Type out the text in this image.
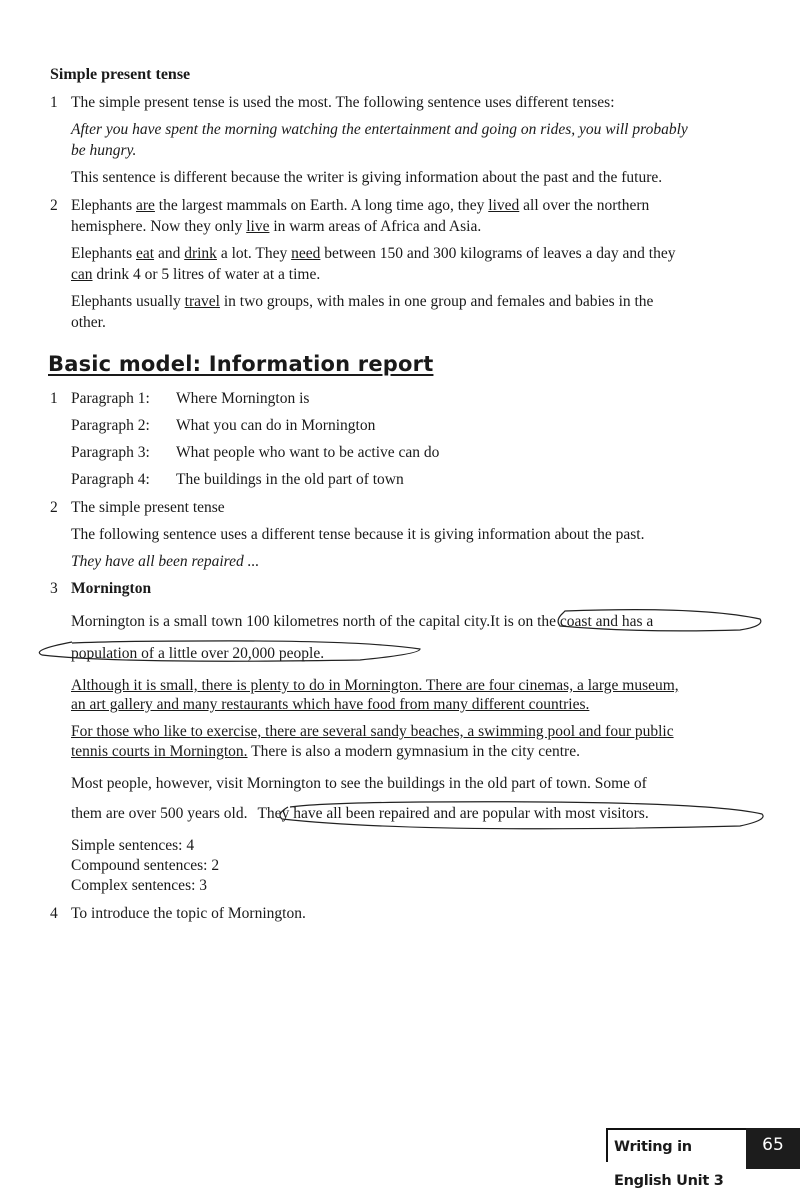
Simple present tense
1 The simple present tense is used the most. The following sentence uses different tenses:
After you have spent the morning watching the entertainment and going on rides, you will probably
be hungry.
This sentence is different because the writer is giving information about the past and the future.
2 Elephants are the largest mammals on Earth. A long time ago, they lived all over the northern
hemisphere. Now they only live in warm areas of Africa and Asia.
Elephants eat and drink a lot. They need between 150 and 300 kilograms of leaves a day and they
can drink 4 or 5 litres of water at a time.
Elephants usually travel in two groups, with males in one group and females and babies in the
other.
Basic model: Information report
1 Paragraph 1: Where Mornington is
Paragraph 2: What you can do in Mornington
Paragraph 3: What people who want to be active can do
Paragraph 4: The buildings in the old part of town
2 The simple present tense
The following sentence uses a different tense because it is giving information about the past.
They have all been repaired ...
3 Mornington
Mornington is a small town 100 kilometres north of the capital city.It is on the coast and has a
population of a little over 20,000 people.
Although it is small, there is plenty to do in Mornington. There are four cinemas, a large museum,
an art gallery and many restaurants which have food from many different countries.
For those who like to exercise, there are several sandy beaches, a swimming pool and four public
tennis courts in Mornington. There is also a modern gymnasium in the city centre.
Most people, however, visit Mornington to see the buildings in the old part of town. Some of
them are over 500 years old. They have all been repaired and are popular with most visitors.
Simple sentences: 4
Compound sentences: 2
Complex sentences: 3
4 To introduce the topic of Mornington.
Writing in English Unit 3
65
